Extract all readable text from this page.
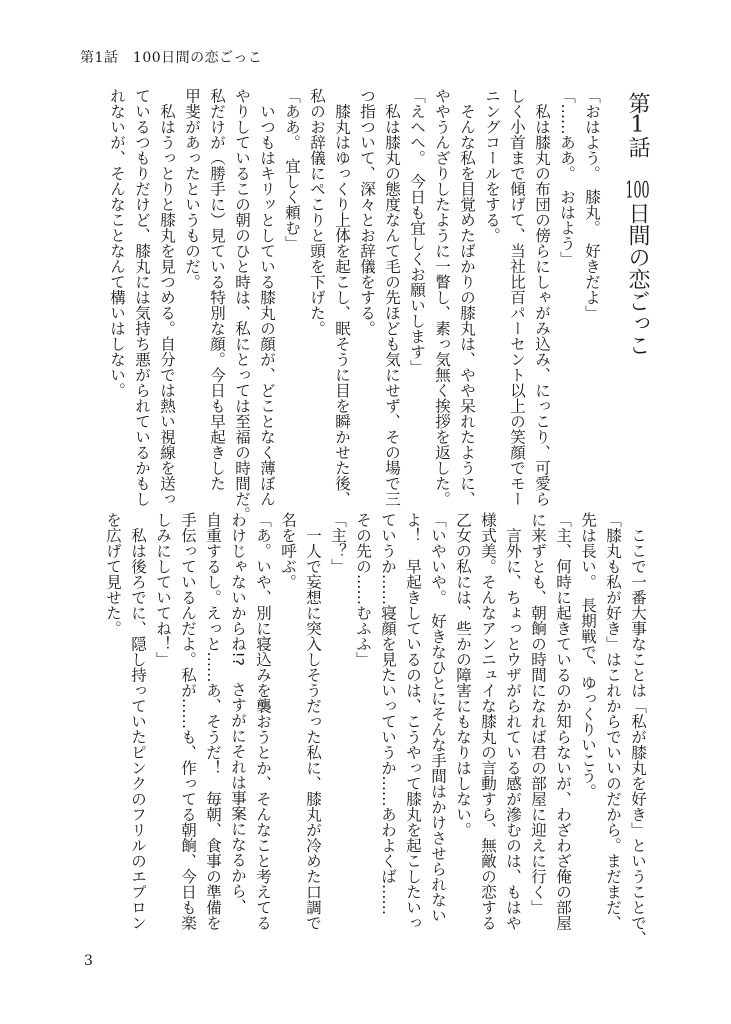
第1話　100日間の恋ごっこ
第1話　100日間の恋ごっこ
「おはよう。　膝丸。　好きだよ」
「……ああ。　おはよう」
　私は膝丸の布団の傍らにしゃがみ込み、にっこり、可愛ら
しく小首まで傾げて、当社比百パーセント以上の笑顔でモー
ニングコールをする。
　そんな私を目覚めたばかりの膝丸は、やや呆れたように、
ややうんざりしたように一瞥し、素っ気無く挨拶を返した。
「えへへ。　今日も宜しくお願いします」
　私は膝丸の態度なんて毛の先ほども気にせず、その場で三
つ指ついて、深々とお辞儀をする。
　膝丸はゆっくり上体を起こし、眠そうに目を瞬かせた後、
私のお辞儀にぺこりと頭を下げた。
「ああ。　宜しく頼む」
　いつもはキリッとしている膝丸の顔が、どことなく薄ぼん
やりしているこの朝のひと時は、私にとっては至福の時間だ。
私だけが（勝手に）見ている特別な顔。今日も早起きした
甲斐があったというものだ。
　私はうっとりと膝丸を見つめる。自分では熱い視線を送っ
ているつもりだけど、膝丸には気持ち悪がられているかもし
れないが、そんなことなんて構いはしない。
　ここで一番大事なことは「私が膝丸を好き」ということで、
「膝丸も私が好き」はこれからでいいのだから。まだまだ、
先は長い。　長期戦で、ゆっくりいこう。
「主、何時に起きているのか知らないが、わざわざ俺の部屋
に来ずとも、朝餉の時間になれば君の部屋に迎えに行く」
　言外に、ちょっとウザがられている感が滲むのは、もはや
様式美。そんなアンニュイな膝丸の言動すら、無敵の恋する
乙女の私には、些かの障害にもなりはしない。
「いやいや。　好きなひとにそんな手間はかけさせられない
よ！　早起きしているのは、こうやって膝丸を起こしたいっ
ていうか……寝顔を見たいっていうか……あわよくば……
その先の……むふふ」
「主？」
　一人で妄想に突入しそうだった私に、膝丸が冷めた口調で
名を呼ぶ。
「あ。いや、別に寝込みを襲おうとか、そんなこと考えてる
わけじゃないからね!?　さすがにそれは事案になるから、
自重するし。えっと……あ、そうだ！　毎朝、食事の準備を
手伝っているんだよ。私が……も、作ってる朝餉、今日も楽
しみにしていてね！」
　私は後ろでに、隠し持っていたピンクのフリルのエプロン
を広げて見せた。
3
